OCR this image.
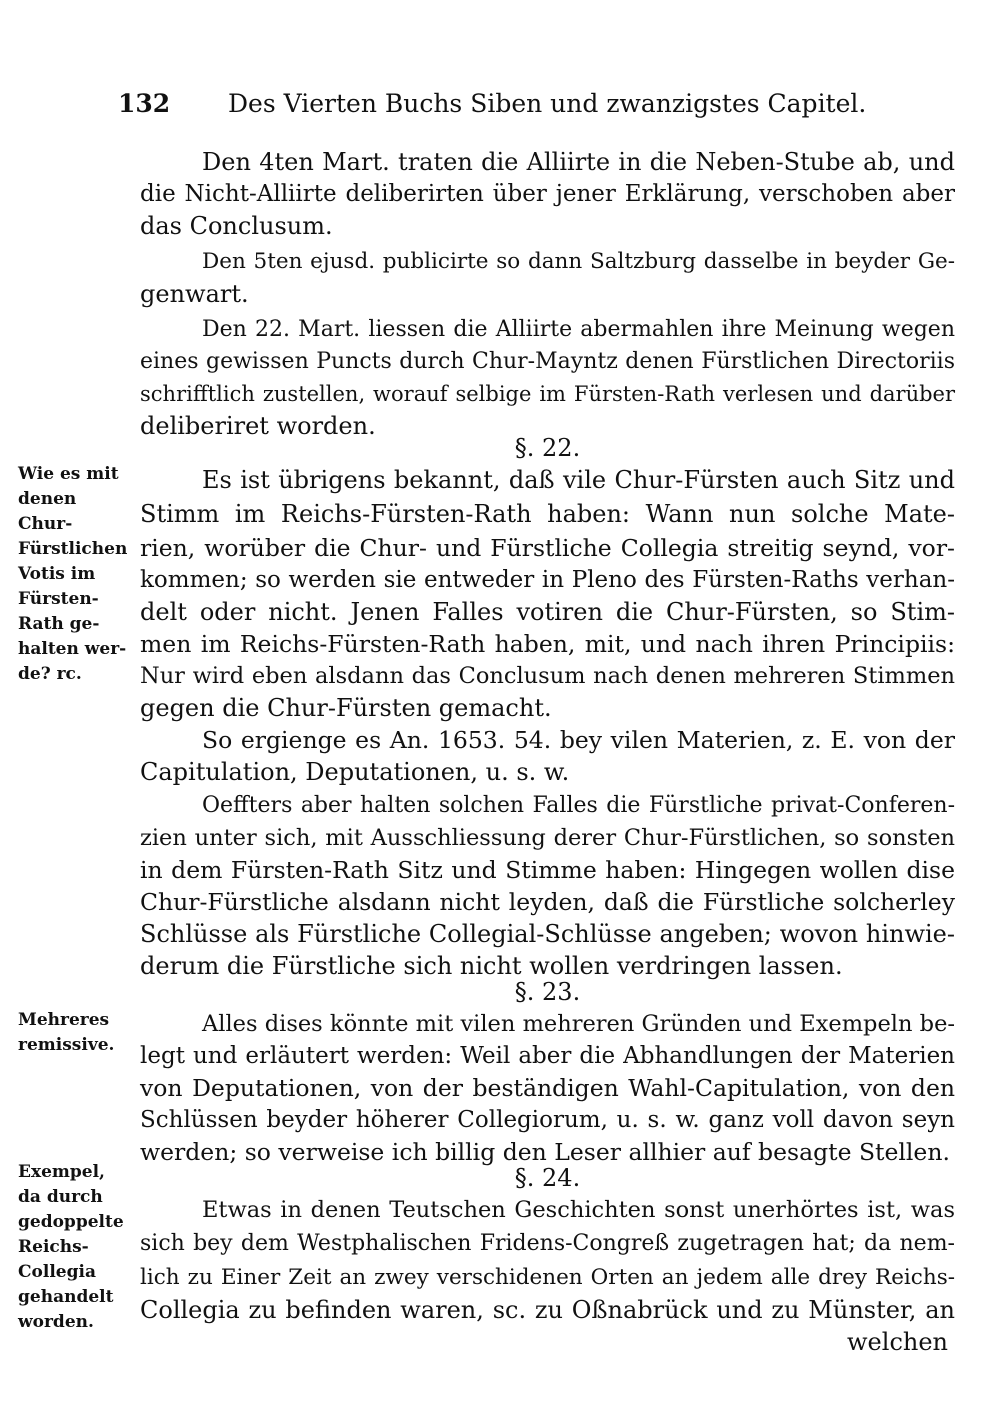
132 Des Vierten Buchs Siben und zwanzigstes Capitel.
Den 4ten Mart. traten die Alliirte in die Neben-Stube ab, und
die Nicht-Alliirte deliberirten über jener Erklärung, verschoben aber
das Conclusum.
Den 5ten ejusd. publicirte so dann Saltzburg dasselbe in beyder Ge-
genwart.
Den 22. Mart. liessen die Alliirte abermahlen ihre Meinung wegen
eines gewissen Puncts durch Chur-Mayntz denen Fürstlichen Directoriis
schrifftlich zustellen, worauf selbige im Fürsten-Rath verlesen und darüber
deliberiret worden.
§. 22.
Es ist übrigens bekannt, daß vile Chur-Fürsten auch Sitz und
Stimm im Reichs-Fürsten-Rath haben: Wann nun solche Mate-
rien, worüber die Chur- und Fürstliche Collegia streitig seynd, vor-
kommen; so werden sie entweder in Pleno des Fürsten-Raths verhan-
delt oder nicht. Jenen Falles votiren die Chur-Fürsten, so Stim-
men im Reichs-Fürsten-Rath haben, mit, und nach ihren Principiis:
Nur wird eben alsdann das Conclusum nach denen mehreren Stimmen
gegen die Chur-Fürsten gemacht.
So ergienge es An. 1653. 54. bey vilen Materien, z. E. von der
Capitulation, Deputationen, u. s. w.
Oeffters aber halten solchen Falles die Fürstliche privat-Conferen-
zien unter sich, mit Ausschliessung derer Chur-Fürstlichen, so sonsten
in dem Fürsten-Rath Sitz und Stimme haben: Hingegen wollen dise
Chur-Fürstliche alsdann nicht leyden, daß die Fürstliche solcherley
Schlüsse als Fürstliche Collegial-Schlüsse angeben; wovon hinwie-
derum die Fürstliche sich nicht wollen verdringen lassen.
§. 23.
Alles dises könnte mit vilen mehreren Gründen und Exempeln be-
legt und erläutert werden: Weil aber die Abhandlungen der Materien
von Deputationen, von der beständigen Wahl-Capitulation, von den
Schlüssen beyder höherer Collegiorum, u. s. w. ganz voll davon seyn
werden; so verweise ich billig den Leser allhier auf besagte Stellen.
§. 24.
Etwas in denen Teutschen Geschichten sonst unerhörtes ist, was
sich bey dem Westphalischen Fridens-Congreß zugetragen hat; da nem-
lich zu Einer Zeit an zwey verschidenen Orten an jedem alle drey Reichs-
Collegia zu befinden waren, sc. zu Oßnabrück und zu Münster, an
welchen
Wie es mit
denen
Chur-
Fürstlichen
Votis im
Fürsten-
Rath ge-
halten wer-
de? rc.
Mehreres
remissive.
Exempel,
da durch
gedoppelte
Reichs-
Collegia
gehandelt
worden.
